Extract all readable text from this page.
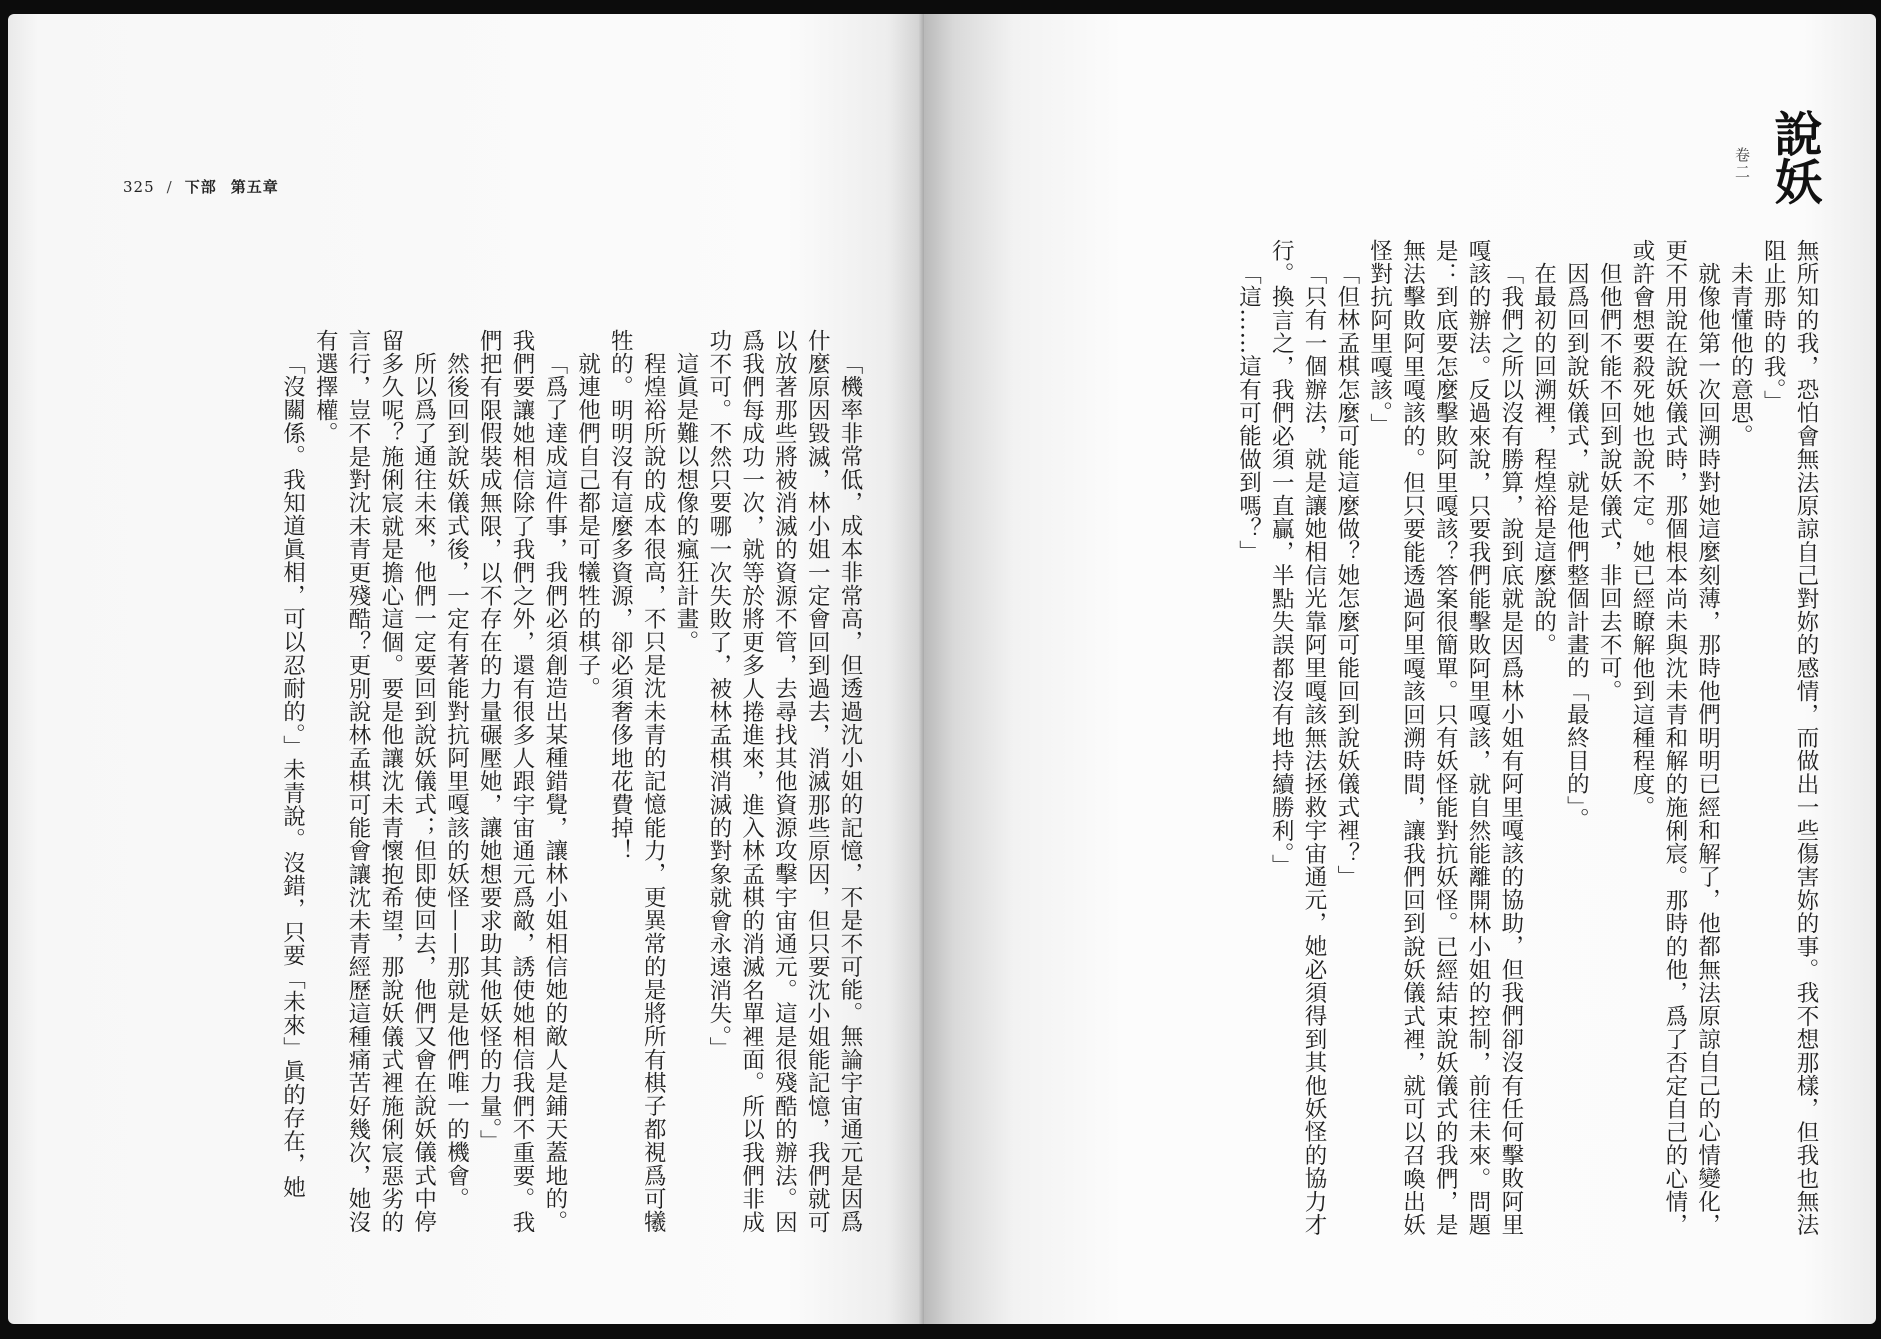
325 / 下部 第五章

「機率非常低，成本非常高，但透過沈小姐的記憶，不是不可能。無論宇宙通元是因爲什麼原因毀滅，林小姐一定會回到過去，消滅那些原因，但只要沈小姐能記憶，我們就可以放著那些將被消滅的資源不管，去尋找其他資源攻擊宇宙通元。這是很殘酷的辦法。因爲我們每成功一次，就等於將更多人捲進來，進入林孟棋的消滅名單裡面。所以我們非成功不可。不然只要哪一次失敗了，被林孟棋消滅的對象就會永遠消失。」

這眞是難以想像的瘋狂計畫。

程煌裕所說的成本很高，不只是沈未青的記憶能力，更異常的是將所有棋子都視爲可犧牲的。明明沒有這麼多資源，卻必須奢侈地花費掉！

就連他們自己都是可犧牲的棋子。

「爲了達成這件事，我們必須創造出某種錯覺，讓林小姐相信她的敵人是鋪天蓋地的。我們要讓她相信除了我們之外，還有很多人跟宇宙通元爲敵，誘使她相信我們不重要。我們把有限假裝成無限，以不存在的力量碾壓她，讓她想要求助其他妖怪的力量。」

然後回到說妖儀式後，一定有著能對抗阿里嘎該的妖怪——那就是他們唯一的機會。

所以爲了通往未來，他們一定要回到說妖儀式；但即使回去，他們又會在說妖儀式中停留多久呢？施俐宸就是擔心這個。要是他讓沈未青懷抱希望，那說妖儀式裡施俐宸惡劣的言行，豈不是對沈未青更殘酷？更別說林孟棋可能會讓沈未青經歷這種痛苦好幾次，她沒有選擇權。

「沒關係。我知道眞相，可以忍耐的。」未青說。沒錯，只要「未來」眞的存在，她

說妖
卷二

無所知的我，恐怕會無法原諒自己對妳的感情，而做出一些傷害妳的事。我不想那樣，但我也無法阻止那時的我。」

未青懂他的意思。

就像他第一次回溯時對她這麼刻薄，那時他們明明已經和解了，他都無法原諒自己的心情變化，更不用說在說妖儀式時，那個根本尚未與沈未青和解的施俐宸。那時的他，爲了否定自己的心情，或許會想要殺死她也說不定。她已經瞭解他到這種程度。

但他們不能不回到說妖儀式，非回去不可。

因爲回到說妖儀式，就是他們整個計畫的「最終目的」。

在最初的回溯裡，程煌裕是這麼說的。

「我們之所以沒有勝算，說到底就是因爲林小姐有阿里嘎該的協助，但我們卻沒有任何擊敗阿里嘎該的辦法。反過來說，只要我們能擊敗阿里嘎該，就自然能離開林小姐的控制，前往未來。問題是：到底要怎麼擊敗阿里嘎該？答案很簡單。只有妖怪能對抗妖怪。已經結束說妖儀式的我們，是無法擊敗阿里嘎該的。但只要能透過阿里嘎該回溯時間，讓我們回到說妖儀式裡，就可以召喚出妖怪對抗阿里嘎該。」

「但林孟棋怎麼可能這麼做？她怎麼可能回到說妖儀式裡？」

「只有一個辦法，就是讓她相信光靠阿里嘎該無法拯救宇宙通元，她必須得到其他妖怪的協力才行。換言之，我們必須一直贏，半點失誤都沒有地持續勝利。」

「這……這有可能做到嗎？」
